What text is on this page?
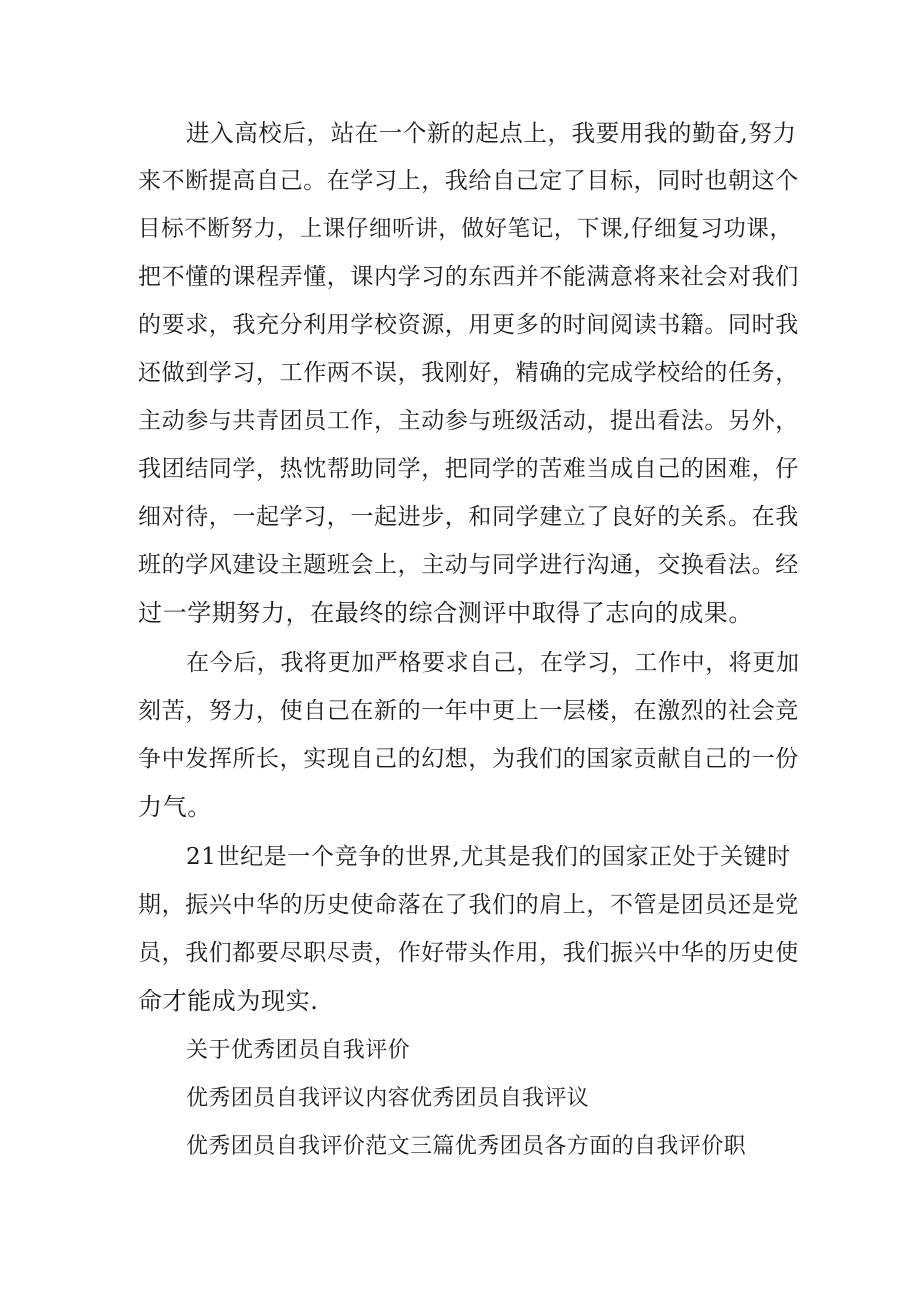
进入高校后，站在一个新的起点上，我要用我的勤奋,努力
来不断提高自己。在学习上，我给自己定了目标，同时也朝这个
目标不断努力，上课仔细听讲，做好笔记，下课,仔细复习功课，
把不懂的课程弄懂，课内学习的东西并不能满意将来社会对我们
的要求，我充分利用学校资源，用更多的时间阅读书籍。同时我
还做到学习，工作两不误，我刚好，精确的完成学校给的任务，
主动参与共青团员工作，主动参与班级活动，提出看法。另外，
我团结同学，热忱帮助同学，把同学的苦难当成自己的困难，仔
细对待，一起学习，一起进步，和同学建立了良好的关系。在我
班的学风建设主题班会上，主动与同学进行沟通，交换看法。经
过一学期努力，在最终的综合测评中取得了志向的成果。
在今后，我将更加严格要求自己，在学习，工作中，将更加
刻苦，努力，使自己在新的一年中更上一层楼，在激烈的社会竞
争中发挥所长，实现自己的幻想，为我们的国家贡献自己的一份
力气。
21世纪是一个竞争的世界,尤其是我们的国家正处于关键时
期，振兴中华的历史使命落在了我们的肩上，不管是团员还是党
员，我们都要尽职尽责，作好带头作用，我们振兴中华的历史使
命才能成为现实.
关于优秀团员自我评价
优秀团员自我评议内容优秀团员自我评议
优秀团员自我评价范文三篇优秀团员各方面的自我评价职
